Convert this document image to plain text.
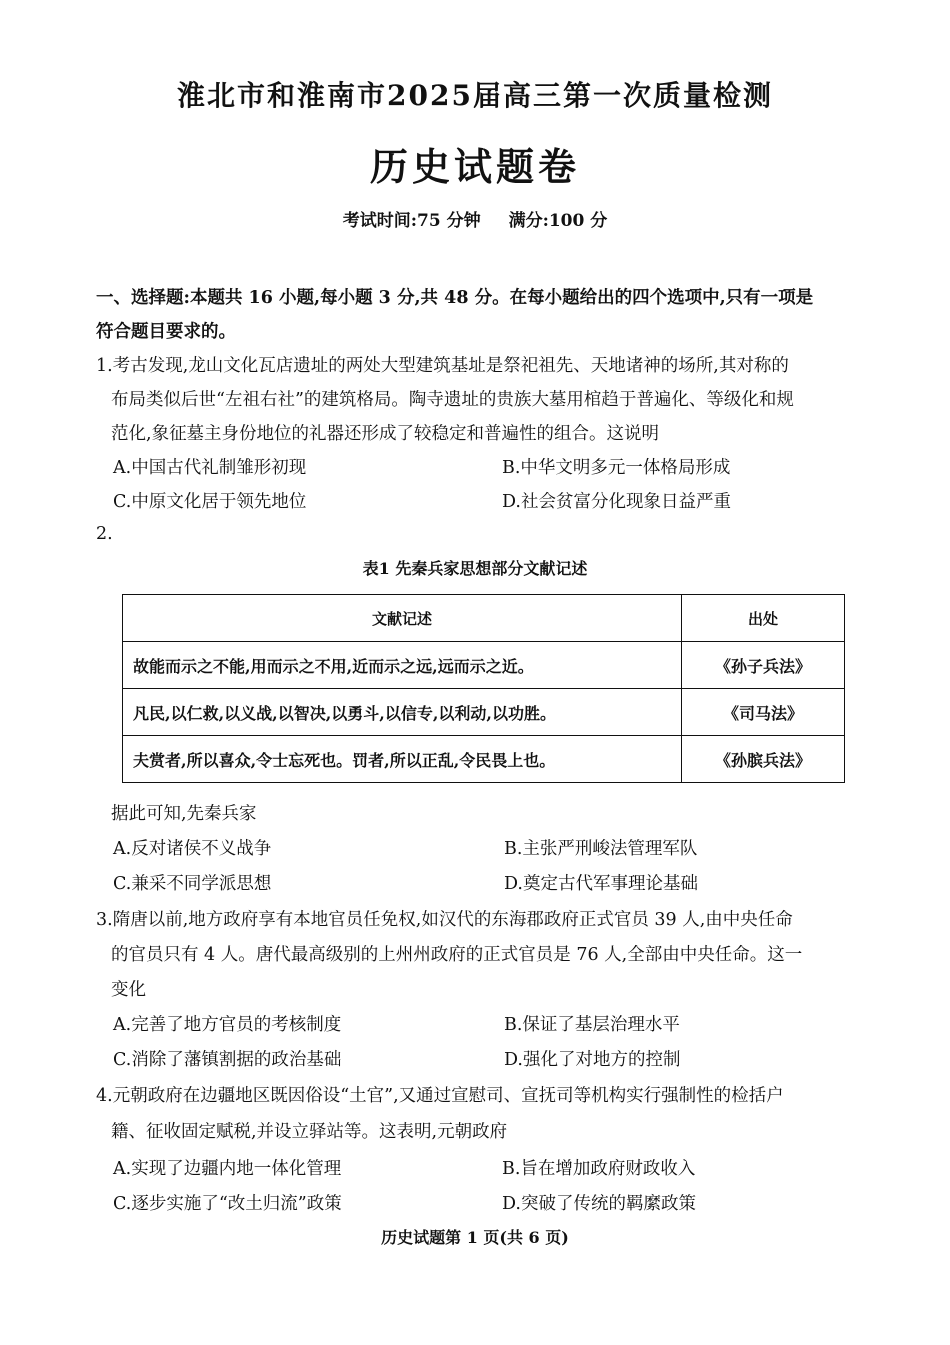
淮北市和淮南市2025届高三第一次质量检测
历史试题卷
考试时间:75 分钟 满分:100 分
一、选择题:本题共 16 小题,每小题 3 分,共 48 分。在每小题给出的四个选项中,只有一项是
符合题目要求的。
1.考古发现,龙山文化瓦店遗址的两处大型建筑基址是祭祀祖先、天地诸神的场所,其对称的
布局类似后世“左祖右社”的建筑格局。陶寺遗址的贵族大墓用棺趋于普遍化、等级化和规
范化,象征墓主身份地位的礼器还形成了较稳定和普遍性的组合。这说明
A.中国古代礼制雏形初现	B.中华文明多元一体格局形成
C.中原文化居于领先地位	D.社会贫富分化现象日益严重
2.
表1 先秦兵家思想部分文献记述
文献记述	出处
故能而示之不能,用而示之不用,近而示之远,远而示之近。	《孙子兵法》
凡民,以仁救,以义战,以智决,以勇斗,以信专,以利动,以功胜。	《司马法》
夫赏者,所以喜众,令士忘死也。罚者,所以正乱,令民畏上也。	《孙膑兵法》
据此可知,先秦兵家
A.反对诸侯不义战争	B.主张严刑峻法管理军队
C.兼采不同学派思想	D.奠定古代军事理论基础
3.隋唐以前,地方政府享有本地官员任免权,如汉代的东海郡政府正式官员 39 人,由中央任命
的官员只有 4 人。唐代最高级别的上州州政府的正式官员是 76 人,全部由中央任命。这一
变化
A.完善了地方官员的考核制度	B.保证了基层治理水平
C.消除了藩镇割据的政治基础	D.强化了对地方的控制
4.元朝政府在边疆地区既因俗设“土官”,又通过宣慰司、宣抚司等机构实行强制性的检括户
籍、征收固定赋税,并设立驿站等。这表明,元朝政府
A.实现了边疆内地一体化管理	B.旨在增加政府财政收入
C.逐步实施了“改土归流”政策	D.突破了传统的羁縻政策
历史试题第 1 页(共 6 页)
